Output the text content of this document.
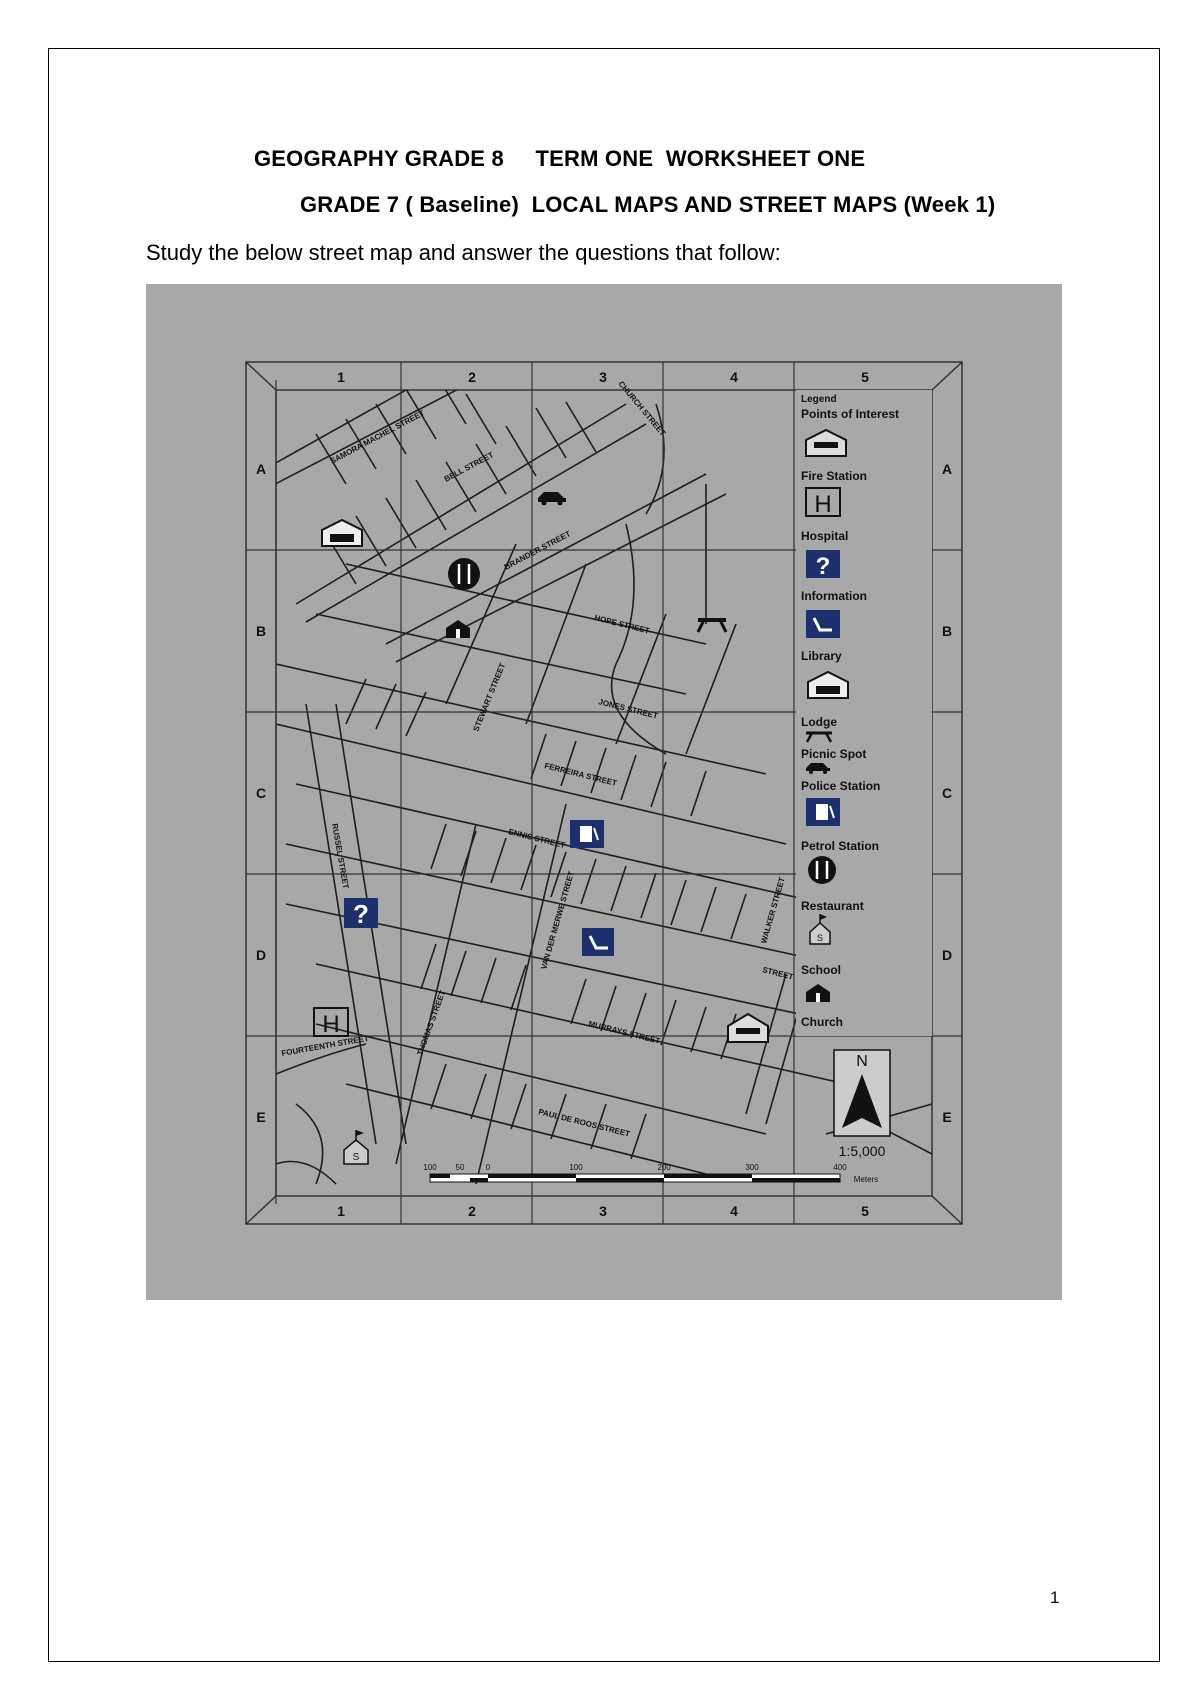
GEOGRAPHY GRADE 8     TERM ONE  WORKSHEET ONE
GRADE 7 ( Baseline)  LOCAL MAPS AND STREET MAPS (Week 1)
Study the below street map and answer the questions that follow:
1	2	3	4	5
1	2	3	4	5
A
B
C
D
E
A
B
C
D
E
SAMORA MACHEL STREET
BELL STREET
BRANDER STREET
CHURCH STREET
HOPE STREET
STEWART STREET	JONES STREET
FERREIRA STREET
ENNIS STREET
RUSSEL STREET
VAN DER MERWE STREET
FOURTEENTH STREET	THOMAS STREET	MURRAYS STREET
PAUL DE ROOS STREET
WALKER STREET
STREET
?
H
S
Legend
Points of Interest
Fire Station
H
Hospital
?
Information
Library
Lodge
Picnic Spot
Police Station
Petrol Station
Restaurant
S
School
Church
N
1:5,000
100 50	0	100	200	300	400
Meters
1
